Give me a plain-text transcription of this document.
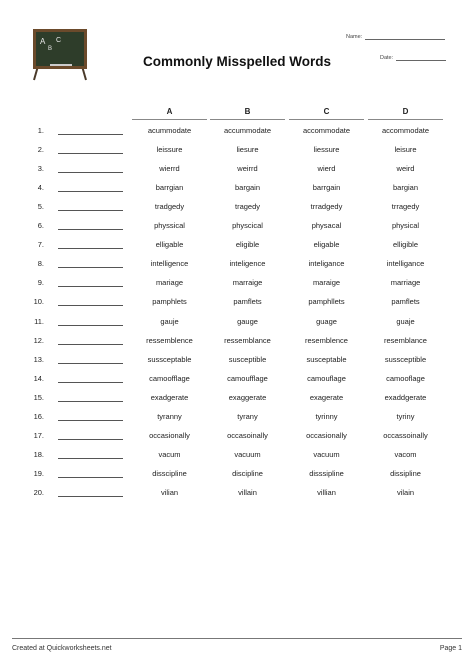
A
B
C
Commonly Misspelled Words
Name:
Date:
A	B	C	D
1.	acummodate	accummodate	accommodate	accommodate
2.	leissure	liesure	liessure	leisure
3.	wierrd	weirrd	wierd	weird
4.	barrgian	bargain	barrgain	bargian
5.	tradgedy	tragedy	trradgedy	trragedy
6.	physsical	physcical	physacal	physical
7.	elligable	eligible	eligable	elligible
8.	intelligence	inteligence	inteligance	intelligance
9.	mariage	marraige	maraige	marriage
10.	pamphlets	pamflets	pamphllets	pamflets
11.	gauje	gauge	guage	guaje
12.	ressemblence	ressemblance	resemblence	resemblance
13.	sussceptable	susceptible	susceptable	sussceptible
14.	camoofflage	camoufflage	camouflage	camooflage
15.	exadgerate	exaggerate	exagerate	exaddgerate
16.	tyranny	tyrany	tyrinny	tyriny
17.	occasionally	occasoinally	occasionally	occassoinally
18.	vacum	vacuum	vacuum	vacom
19.	disscipline	discipline	disssipline	dissipline
20.	vilian	villain	villian	vilain
Created at Quickworksheets.net	Page 1
